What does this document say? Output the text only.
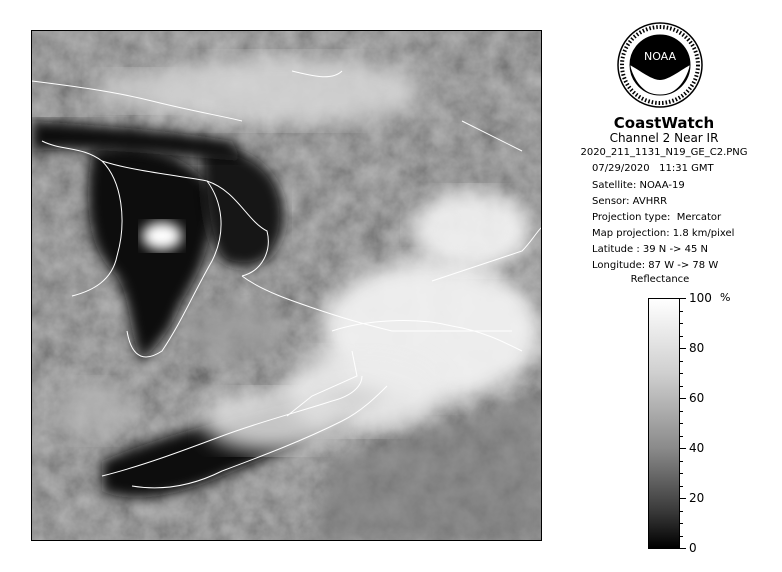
NOAA
CoastWatch
Channel 2 Near IR
2020_211_1131_N19_GE_C2.PNG
07/29/2020   11:31 GMT
Satellite: NOAA-19
Sensor: AVHRR
Projection type:  Mercator
Map projection: 1.8 km/pixel
Latitude : 39 N -> 45 N
Longitude: 87 W -> 78 W
Reflectance
%
100
80
60
40
20
0
